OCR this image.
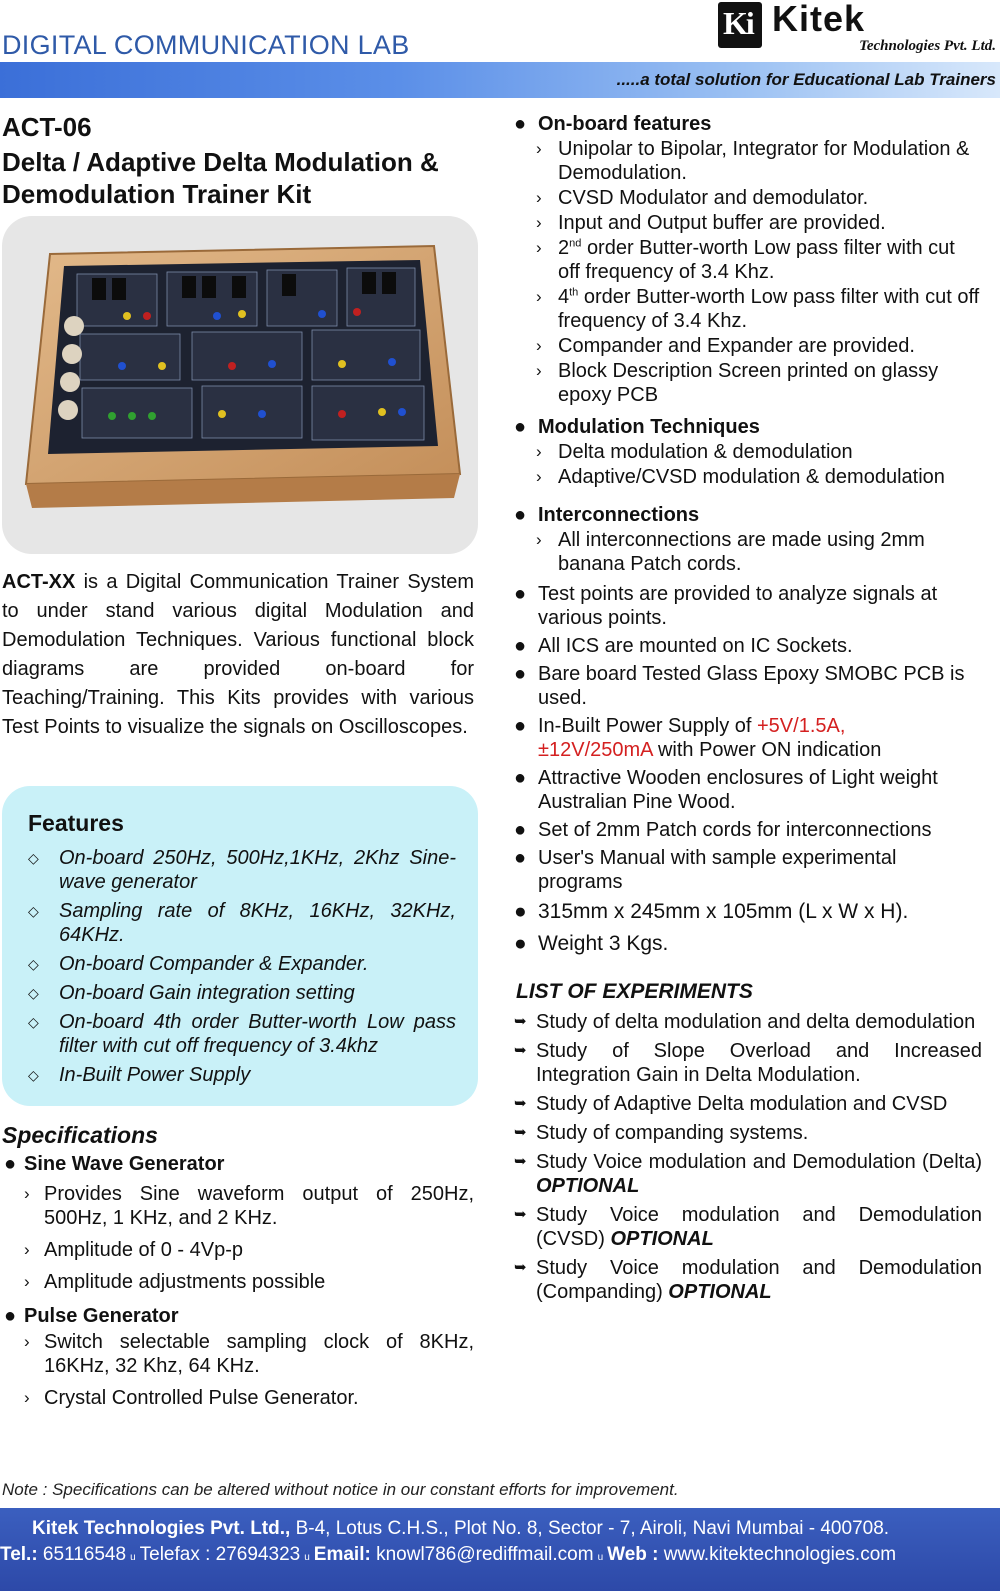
DIGITAL COMMUNICATION LAB
Ki Kitek
Technologies Pvt. Ltd.
.....a total solution for Educational Lab Trainers
ACT-06
Delta / Adaptive Delta Modulation &
Demodulation Trainer Kit
ACT-XX is a Digital Communication Trainer System to under stand various digital Modulation and Demodulation Techniques. Various functional block diagrams are provided on-board for Teaching/Training. This Kits provides with various Test Points to visualize the signals on Oscilloscopes.
Features
◇ On-board 250Hz, 500Hz,1KHz, 2Khz Sine-wave generator
◇ Sampling rate of 8KHz, 16KHz, 32KHz, 64KHz.
◇ On-board Compander & Expander.
◇ On-board Gain integration setting
◇ On-board 4th order Butter-worth Low pass filter with cut off frequency of 3.4khz
◇ In-Built Power Supply
Specifications
● Sine Wave Generator
› Provides Sine waveform output of 250Hz, 500Hz, 1 KHz, and 2 KHz.
› Amplitude of 0 - 4Vp-p
› Amplitude adjustments possible
● Pulse Generator
› Switch selectable sampling clock of 8KHz, 16KHz, 32 Khz, 64 KHz.
› Crystal Controlled Pulse Generator.
● On-board features
› Unipolar to Bipolar, Integrator for Modulation & Demodulation.
› CVSD Modulator and demodulator.
› Input and Output buffer are provided.
› 2nd order Butter-worth Low pass filter with cut off frequency of 3.4 Khz.
› 4th order Butter-worth Low pass filter with cut off frequency of 3.4 Khz.
› Compander and Expander are provided.
› Block Description Screen printed on glassy epoxy PCB
● Modulation Techniques
› Delta modulation & demodulation
› Adaptive/CVSD modulation & demodulation
● Interconnections
› All interconnections are made using 2mm banana Patch cords.
● Test points are provided to analyze signals at various points.
● All ICS are mounted on IC Sockets.
● Bare board Tested Glass Epoxy SMOBC PCB is used.
● In-Built Power Supply of +5V/1.5A,
±12V/250mA with Power ON indication
● Attractive Wooden enclosures of Light weight Australian Pine Wood.
● Set of 2mm Patch cords for interconnections
● User's Manual with sample experimental programs
● 315mm x 245mm x 105mm (L x W x H).
● Weight 3 Kgs.
LIST OF EXPERIMENTS
➥ Study of delta modulation and delta demodulation
➥ Study of Slope Overload and Increased Integration Gain in Delta Modulation.
➥ Study of Adaptive Delta modulation and CVSD
➥ Study of companding systems.
➥ Study Voice modulation and Demodulation (Delta) OPTIONAL
➥ Study Voice modulation and Demodulation (CVSD) OPTIONAL
➥ Study Voice modulation and Demodulation (Companding) OPTIONAL
Note : Specifications can be altered without notice in our constant efforts for improvement.
Kitek Technologies Pvt. Ltd., B-4, Lotus C.H.S., Plot No. 8, Sector - 7, Airoli, Navi Mumbai - 400708.
Tel.: 65116548 u Telefax : 27694323 u Email: knowl786@rediffmail.com u Web : www.kitektechnologies.com
